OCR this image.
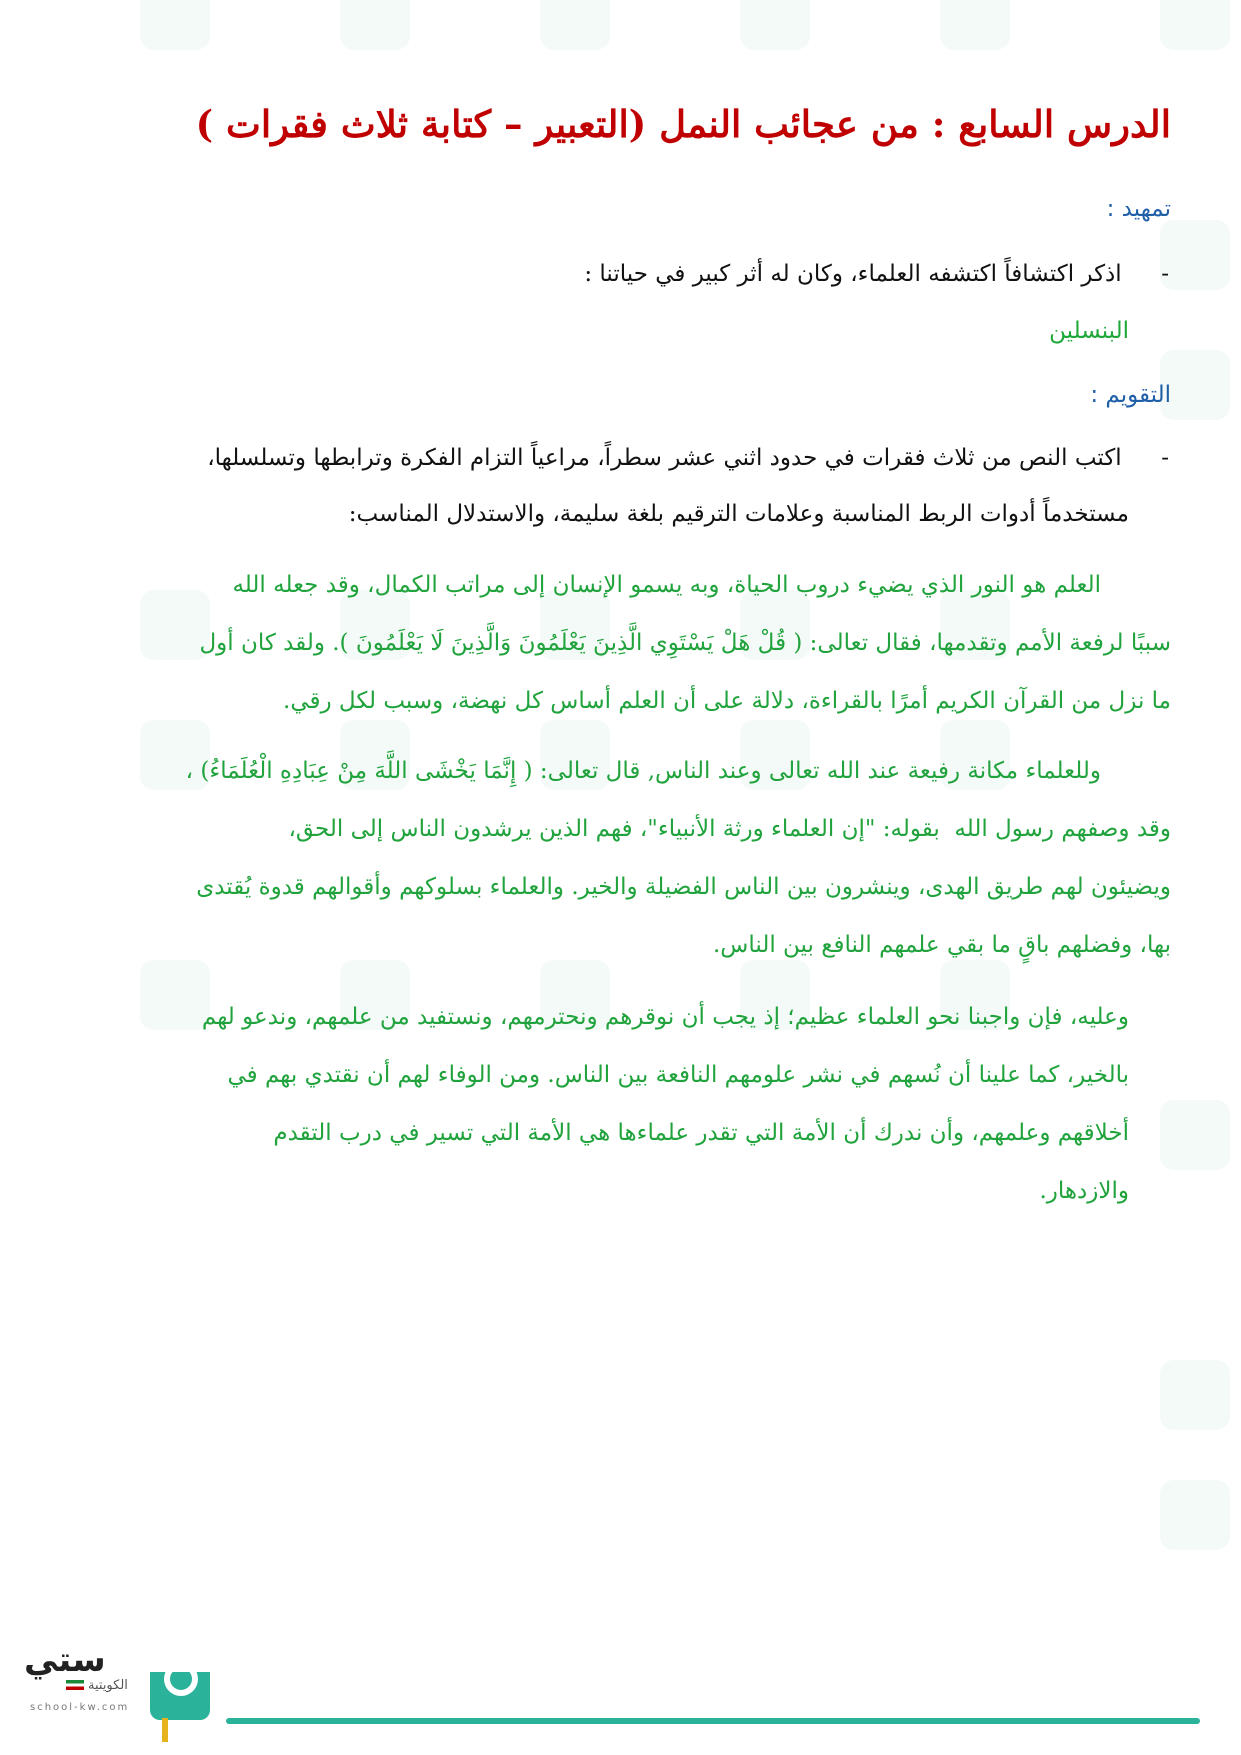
الدرس السابع : من عجائب النمل (التعبير – كتابة ثلاث فقرات )
تمهيد :
- اذكر اكتشافاً اكتشفه العلماء، وكان له أثر كبير في حياتنا :
البنسلين
التقويم :
- اكتب النص من ثلاث فقرات في حدود اثني عشر سطراً، مراعياً التزام الفكرة وترابطها وتسلسلها،
مستخدماً أدوات الربط المناسبة وعلامات الترقيم بلغة سليمة، والاستدلال المناسب:
العلم هو النور الذي يضيء دروب الحياة، وبه يسمو الإنسان إلى مراتب الكمال، وقد جعله الله
سببًا لرفعة الأمم وتقدمها، فقال تعالى: ( قُلْ هَلْ يَسْتَوِي الَّذِينَ يَعْلَمُونَ وَالَّذِينَ لَا يَعْلَمُونَ ). ولقد كان أول
ما نزل من القرآن الكريم أمرًا بالقراءة، دلالة على أن العلم أساس كل نهضة، وسبب لكل رقي.
وللعلماء مكانة رفيعة عند الله تعالى وعند الناس, قال تعالى: ( إِنَّمَا يَخْشَى اللَّهَ مِنْ عِبَادِهِ الْعُلَمَاءُ) ،
وقد وصفهم رسول الله ￼ بقوله: "إن العلماء ورثة الأنبياء"، فهم الذين يرشدون الناس إلى الحق،
ويضيئون لهم طريق الهدى، وينشرون بين الناس الفضيلة والخير. والعلماء بسلوكهم وأقوالهم قدوة يُقتدى
بها، وفضلهم باقٍ ما بقي علمهم النافع بين الناس.
وعليه، فإن واجبنا نحو العلماء عظيم؛ إذ يجب أن نوقرهم ونحترمهم، ونستفيد من علمهم، وندعو لهم
بالخير، كما علينا أن نُسهم في نشر علومهم النافعة بين الناس. ومن الوفاء لهم أن نقتدي بهم في
أخلاقهم وعلمهم، وأن ندرك أن الأمة التي تقدر علماءها هي الأمة التي تسير في درب التقدم
والازدهار.
ستي
الكويتية
school-kw.com
